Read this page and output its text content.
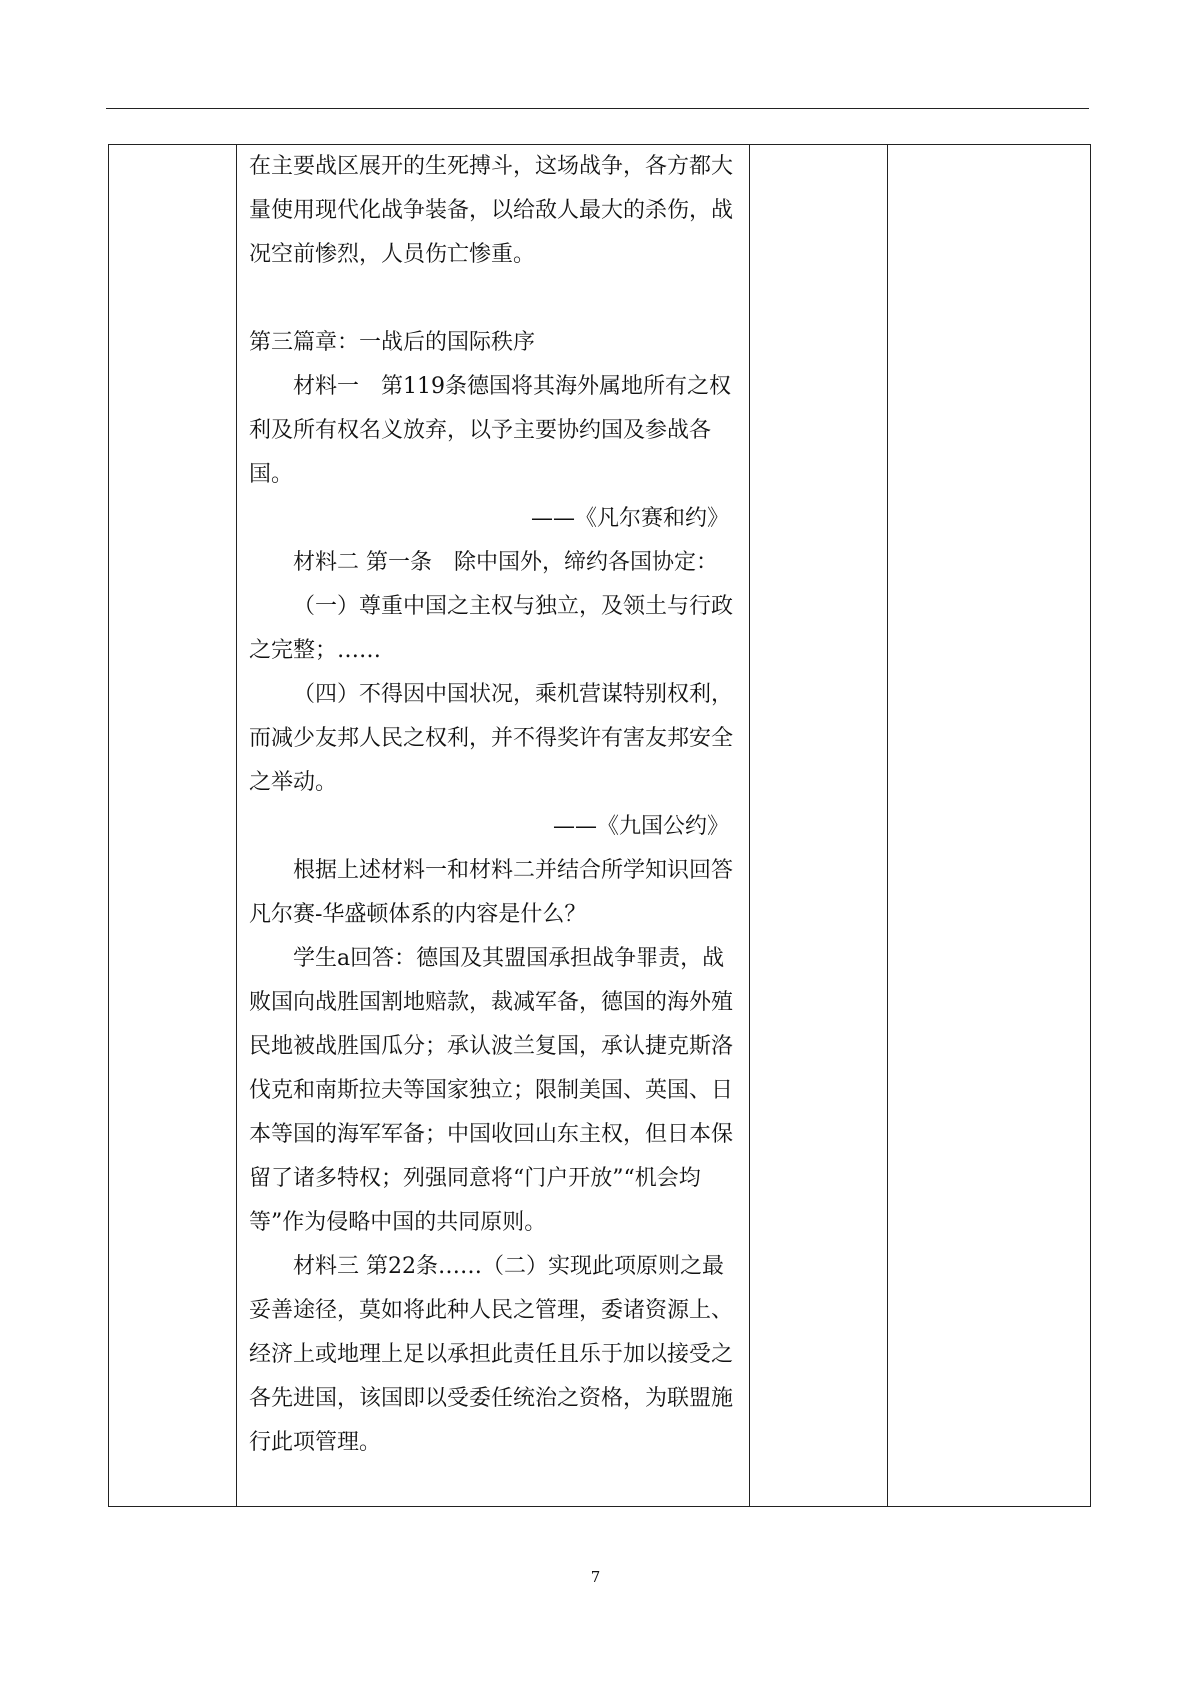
在主要战区展开的生死搏斗，这场战争，各方都大量使用现代化战争装备，以给敌人最大的杀伤，战况空前惨烈，人员伤亡惨重。

第三篇章：一战后的国际秩序

材料一　第119条德国将其海外属地所有之权利及所有权名义放弃，以予主要协约国及参战各国。

——《凡尔赛和约》

材料二 第一条　除中国外，缔约各国协定：

（一）尊重中国之主权与独立，及领土与行政之完整；……

（四）不得因中国状况，乘机营谋特别权利，而减少友邦人民之权利，并不得奖许有害友邦安全之举动。

——《九国公约》

根据上述材料一和材料二并结合所学知识回答凡尔赛-华盛顿体系的内容是什么？

学生a回答：德国及其盟国承担战争罪责，战败国向战胜国割地赔款，裁减军备，德国的海外殖民地被战胜国瓜分；承认波兰复国，承认捷克斯洛伐克和南斯拉夫等国家独立；限制美国、英国、日本等国的海军军备；中国收回山东主权，但日本保留了诸多特权；列强同意将“门户开放”“机会均等”作为侵略中国的共同原则。

材料三 第22条……（二）实现此项原则之最妥善途径，莫如将此种人民之管理，委诸资源上、经济上或地理上足以承担此责任且乐于加以接受之各先进国，该国即以受委任统治之资格，为联盟施行此项管理。

7
